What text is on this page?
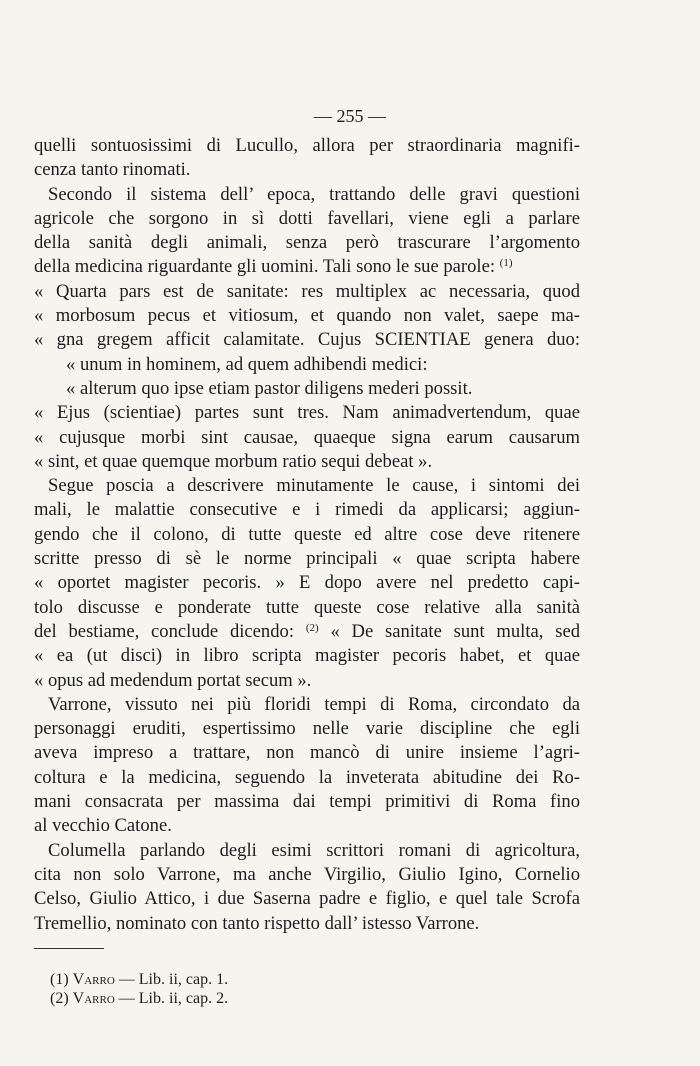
— 255 —
quelli sontuosissimi di Lucullo, allora per straordinaria magnifi-
cenza tanto rinomati.
Secondo il sistema dell’ epoca, trattando delle gravi questioni
agricole che sorgono in sì dotti favellari, viene egli a parlare
della sanità degli animali, senza però trascurare l’argomento
della medicina riguardante gli uomini. Tali sono le sue parole: $^{(1)}$
« Quarta pars est de sanitate: res multiplex ac necessaria, quod
« morbosum pecus et vitiosum, et quando non valet, saepe ma-
« gna gregem afficit calamitate. Cujus SCIENTIAE genera duo:
« unum in hominem, ad quem adhibendi medici:
« alterum quo ipse etiam pastor diligens mederi possit.
« Ejus (scientiae) partes sunt tres. Nam animadvertendum, quae
« cujusque morbi sint causae, quaeque signa earum causarum
« sint, et quae quemque morbum ratio sequi debeat ».
Segue poscia a descrivere minutamente le cause, i sintomi dei
mali, le malattie consecutive e i rimedi da applicarsi; aggiun-
gendo che il colono, di tutte queste ed altre cose deve ritenere
scritte presso di sè le norme principali « quae scripta habere
« oportet magister pecoris. » E dopo avere nel predetto capi-
tolo discusse e ponderate tutte queste cose relative alla sanità
del bestiame, conclude dicendo: $^{(2)}$ « De sanitate sunt multa, sed
« ea (ut disci) in libro scripta magister pecoris habet, et quae
« opus ad medendum portat secum ».
Varrone, vissuto nei più floridi tempi di Roma, circondato da
personaggi eruditi, espertissimo nelle varie discipline che egli
aveva impreso a trattare, non mancò di unire insieme l’agri-
coltura e la medicina, seguendo la inveterata abitudine dei Ro-
mani consacrata per massima dai tempi primitivi di Roma fino
al vecchio Catone.
Columella parlando degli esimi scrittori romani di agricoltura,
cita non solo Varrone, ma anche Virgilio, Giulio Igino, Cornelio
Celso, Giulio Attico, i due Saserna padre e figlio, e quel tale Scrofa
Tremellio, nominato con tanto rispetto dall’ istesso Varrone.
(1) Varro — Lib. ii, cap. 1.
(2) Varro — Lib. ii, cap. 2.
